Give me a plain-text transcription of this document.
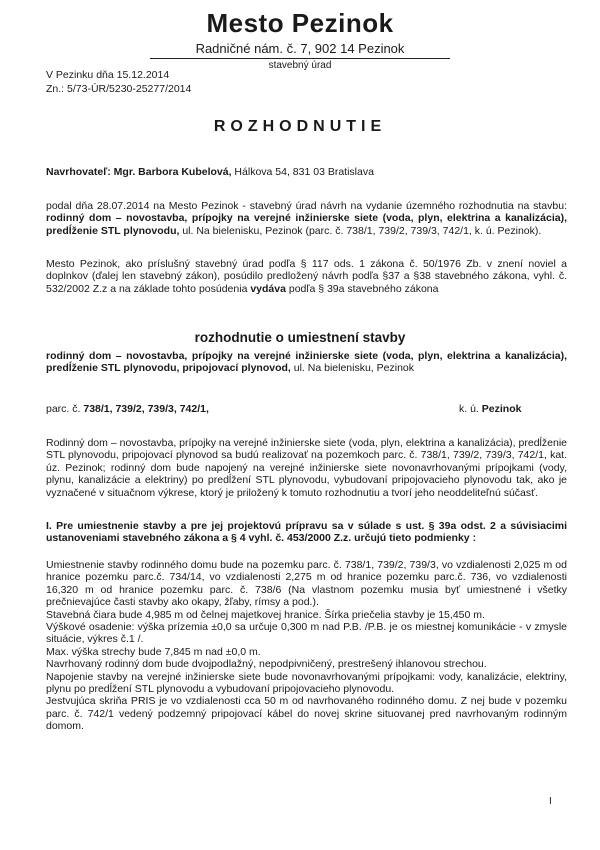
Mesto Pezinok
Radničné nám. č. 7, 902 14 Pezinok
stavebný úrad
V Pezinku dňa 15.12.2014
Zn.: 5/73-ÚR/5230-25277/2014
ROZHODNUTIE
Navrhovateľ: Mgr. Barbora Kubelová, Hálkova 54, 831 03 Bratislava
podal dňa 28.07.2014 na Mesto Pezinok - stavebný úrad návrh na vydanie územného rozhodnutia na stavbu: rodinný dom – novostavba, prípojky na verejné inžinierske siete (voda, plyn, elektrina a kanalizácia), predĺženie STL plynovodu, ul. Na bielenisku, Pezinok (parc. č. 738/1, 739/2, 739/3, 742/1, k. ú. Pezinok).
Mesto Pezinok, ako príslušný stavebný úrad podľa § 117 ods. 1 zákona č. 50/1976 Zb. v znení noviel a doplnkov (ďalej len stavebný zákon), posúdilo predložený návrh podľa §37 a §38 stavebného zákona, vyhl. č. 532/2002 Z.z a na základe tohto posúdenia vydáva podľa § 39a stavebného zákona
rozhodnutie o umiestnení stavby
rodinný dom – novostavba, prípojky na verejné inžinierske siete (voda, plyn, elektrina a kanalizácia), predĺženie STL plynovodu, pripojovací plynovod, ul. Na bielenisku, Pezinok
parc. č. 738/1, 739/2, 739/3, 742/1,	k. ú. Pezinok
Rodinný dom – novostavba, prípojky na verejné inžinierske siete (voda, plyn, elektrina a kanalizácia), predĺženie STL plynovodu, pripojovací plynovod sa budú realizovať na pozemkoch parc. č. 738/1, 739/2, 739/3, 742/1, kat. úz. Pezinok; rodinný dom bude napojený na verejné inžinierske siete novonavrhovanými prípojkami (vody, plynu, kanalizácie a elektriny) po predĺžení STL plynovodu, vybudovaní pripojovacieho plynovodu tak, ako je vyznačené v situačnom výkrese, ktorý je priložený k tomuto rozhodnutiu a tvorí jeho neoddeliteľnú súčasť.
I. Pre umiestnenie stavby a pre jej projektovú prípravu sa v súlade s ust. § 39a odst. 2 a súvisiacimi ustanoveniami stavebného zákona a § 4 vyhl. č. 453/2000 Z.z. určujú tieto podmienky :
Umiestnenie stavby rodinného domu bude na pozemku parc. č. 738/1, 739/2, 739/3, vo vzdialenosti 2,025 m od hranice pozemku parc.č. 734/14, vo vzdialenosti 2,275 m od hranice pozemku parc.č. 736, vo vzdialenosti 16,320 m od hranice pozemku parc. č. 738/6 (Na vlastnom pozemku musia byť umiestnené i všetky prečnievajúce časti stavby ako okapy, žľaby, rímsy a pod.).
Stavebná čiara bude 4,985 m od čelnej majetkovej hranice. Šírka priečelia stavby je 15,450 m.
Výškové osadenie: výška prízemia ±0,0 sa určuje 0,300 m nad P.B. /P.B. je os miestnej komunikácie - v zmysle situácie, výkres č.1 /.
Max. výška strechy bude 7,845 m nad ±0,0 m.
Navrhovaný rodinný dom bude dvojpodlažný, nepodpivničený, prestrešený ihlanovou strechou.
Napojenie stavby na verejné inžinierske siete bude novonavrhovanými prípojkami: vody, kanalizácie, elektriny, plynu po predĺžení STL plynovodu a vybudovaní pripojovacieho plynovodu.
Jestvujúca skriňa PRIS je vo vzdialenosti cca 50 m od navrhovaného rodinného domu. Z nej bude v pozemku parc. č. 742/1 vedený podzemný pripojovací kábel do novej skrine situovanej pred navrhovaným rodinným domom.
I
